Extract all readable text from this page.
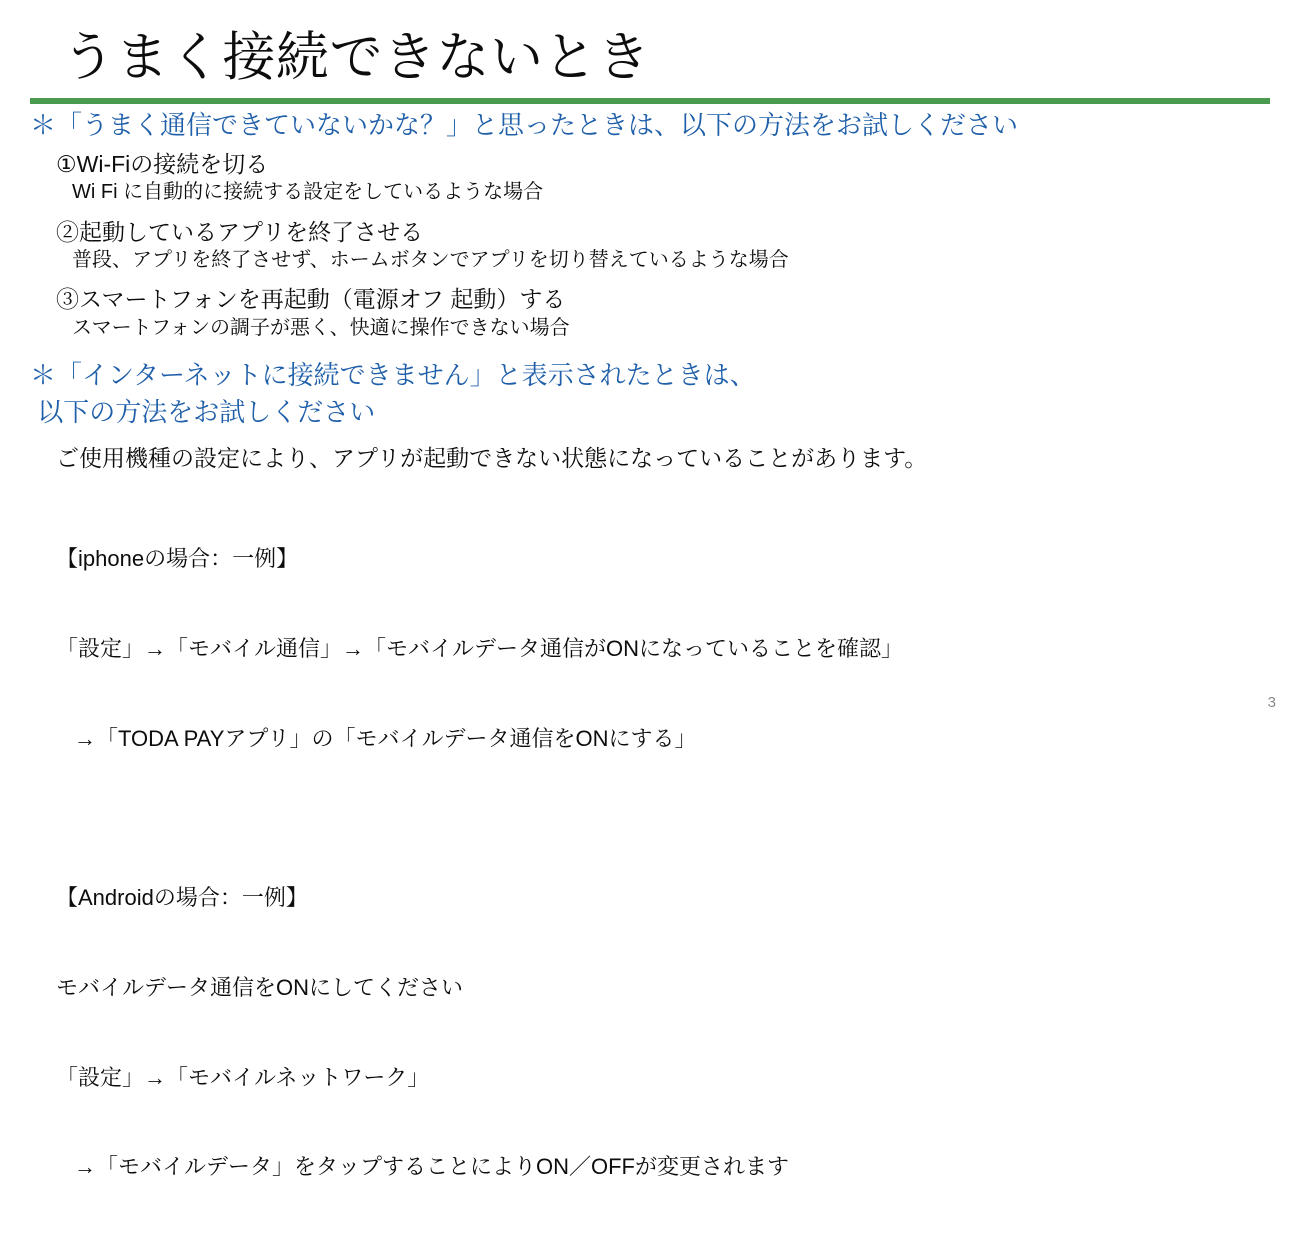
うまく接続できないとき
＊「うまく通信できていないかな？」と思ったときは、以下の方法をお試しください
①Wi-Fiの接続を切る
Wi Fi に自動的に接続する設定をしているような場合
②起動しているアプリを終了させる
普段、アプリを終了させず、ホームボタンでアプリを切り替えているような場合
③スマートフォンを再起動（電源オフ 起動）する
スマートフォンの調子が悪く、快適に操作できない場合
＊「インターネットに接続できません」と表示されたときは、
以下の方法をお試しください
ご使用機種の設定により、アプリが起動できない状態になっていることがあります。

【iphoneの場合：一例】

「設定」→「モバイル通信」→「モバイルデータ通信がONになっていることを確認」

→「TODA PAYアプリ」の「モバイルデータ通信をONにする」

【Androidの場合：一例】

モバイルデータ通信をONにしてください

「設定」→「モバイルネットワーク」

→「モバイルデータ」をタップすることによりON／OFFが変更されます

3
